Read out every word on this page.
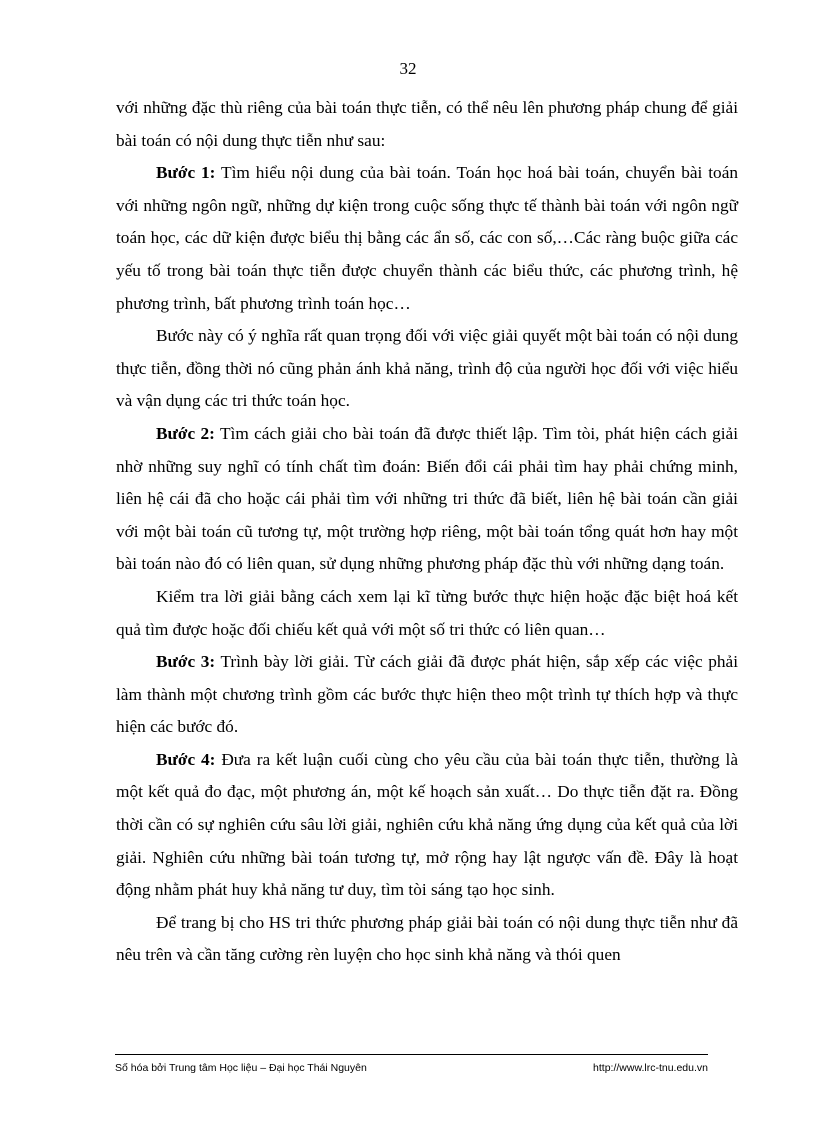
32

với những đặc thù riêng của bài toán thực tiễn, có thể nêu lên phương pháp chung để giải bài toán có nội dung thực tiễn như sau:

Bước 1: Tìm hiểu nội dung của bài toán. Toán học hoá bài toán, chuyển bài toán với những ngôn ngữ, những dự kiện trong cuộc sống thực tế thành bài toán với ngôn ngữ toán học, các dữ kiện được biểu thị bằng các ẩn số, các con số,…Các ràng buộc giữa các yếu tố trong bài toán thực tiễn được chuyển thành các biểu thức, các phương trình, hệ phương trình, bất phương trình toán học…

Bước này có ý nghĩa rất quan trọng đối với việc giải quyết một bài toán có nội dung thực tiễn, đồng thời nó cũng phản ánh khả năng, trình độ của người học đối với việc hiểu và vận dụng các tri thức toán học.

Bước 2: Tìm cách giải cho bài toán đã được thiết lập. Tìm tòi, phát hiện cách giải nhờ những suy nghĩ có tính chất tìm đoán: Biến đổi cái phải tìm hay phải chứng minh, liên hệ cái đã cho hoặc cái phải tìm với những tri thức đã biết, liên hệ bài toán cần giải với một bài toán cũ tương tự, một trường hợp riêng, một bài toán tổng quát hơn hay một bài toán nào đó có liên quan, sử dụng những phương pháp đặc thù với những dạng toán.

Kiểm tra lời giải bằng cách xem lại kĩ từng bước thực hiện hoặc đặc biệt hoá kết quả tìm được hoặc đối chiếu kết quả với một số tri thức có liên quan…

Bước 3: Trình bày lời giải. Từ cách giải đã được phát hiện, sắp xếp các việc phải làm thành một chương trình gồm các bước thực hiện theo một trình tự thích hợp và thực hiện các bước đó.

Bước 4: Đưa ra kết luận cuối cùng cho yêu cầu của bài toán thực tiễn, thường là một kết quả đo đạc, một phương án, một kế hoạch sản xuất… Do thực tiễn đặt ra. Đồng thời cần có sự nghiên cứu sâu lời giải, nghiên cứu khả năng ứng dụng của kết quả của lời giải. Nghiên cứu những bài toán tương tự, mở rộng hay lật ngược vấn đề. Đây là hoạt động nhằm phát huy khả năng tư duy, tìm tòi sáng tạo học sinh.

Để trang bị cho HS tri thức phương pháp giải bài toán có nội dung thực tiễn như đã nêu trên và cần tăng cường rèn luyện cho học sinh khả năng và thói quen

Số hóa bởi Trung tâm Học liệu – Đại học Thái Nguyên	http://www.lrc-tnu.edu.vn
